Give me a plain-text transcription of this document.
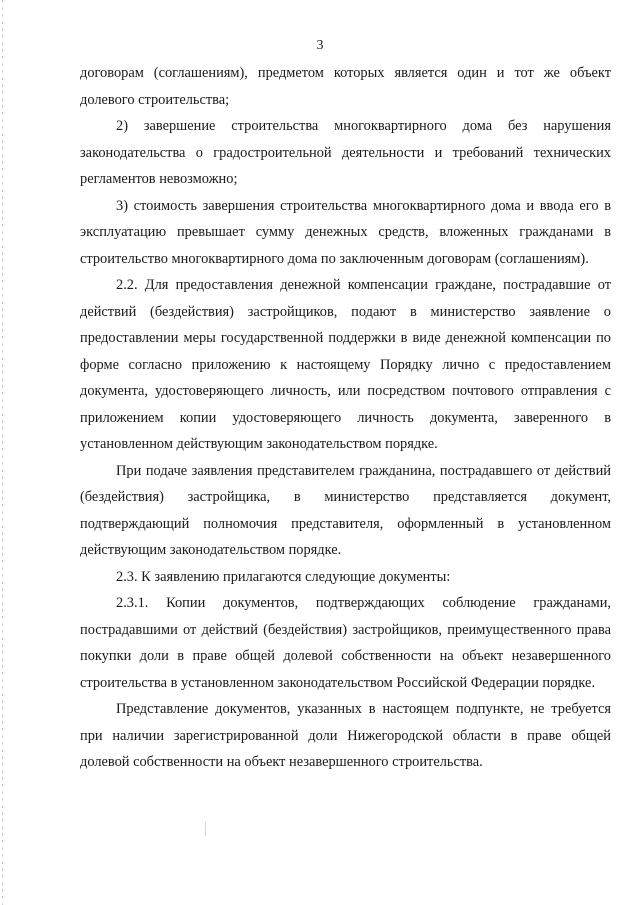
3

договорам (соглашениям), предметом которых является один и тот же объект долевого строительства;

2) завершение строительства многоквартирного дома без нарушения законодательства о градостроительной деятельности и требований технических регламентов невозможно;

3) стоимость завершения строительства многоквартирного дома и ввода его в эксплуатацию превышает сумму денежных средств, вложенных гражданами в строительство многоквартирного дома по заключенным договорам (соглашениям).

2.2. Для предоставления денежной компенсации граждане, пострадавшие от действий (бездействия) застройщиков, подают в министерство заявление о предоставлении меры государственной поддержки в виде денежной компенсации по форме согласно приложению к настоящему Порядку лично с предоставлением документа, удостоверяющего личность, или посредством почтового отправления с приложением копии удостоверяющего личность документа, заверенного в установленном действующим законодательством порядке.

При подаче заявления представителем гражданина, пострадавшего от действий (бездействия) застройщика, в министерство представляется документ, подтверждающий полномочия представителя, оформленный в установленном действующим законодательством порядке.

2.3. К заявлению прилагаются следующие документы:

2.3.1. Копии документов, подтверждающих соблюдение гражданами, пострадавшими от действий (бездействия) застройщиков, преимущественного права покупки доли в праве общей долевой собственности на объект незавершенного строительства в установленном законодательством Российской Федерации порядке.

Представление документов, указанных в настоящем подпункте, не требуется при наличии зарегистрированной доли Нижегородской области в праве общей долевой собственности на объект незавершенного строительства.
